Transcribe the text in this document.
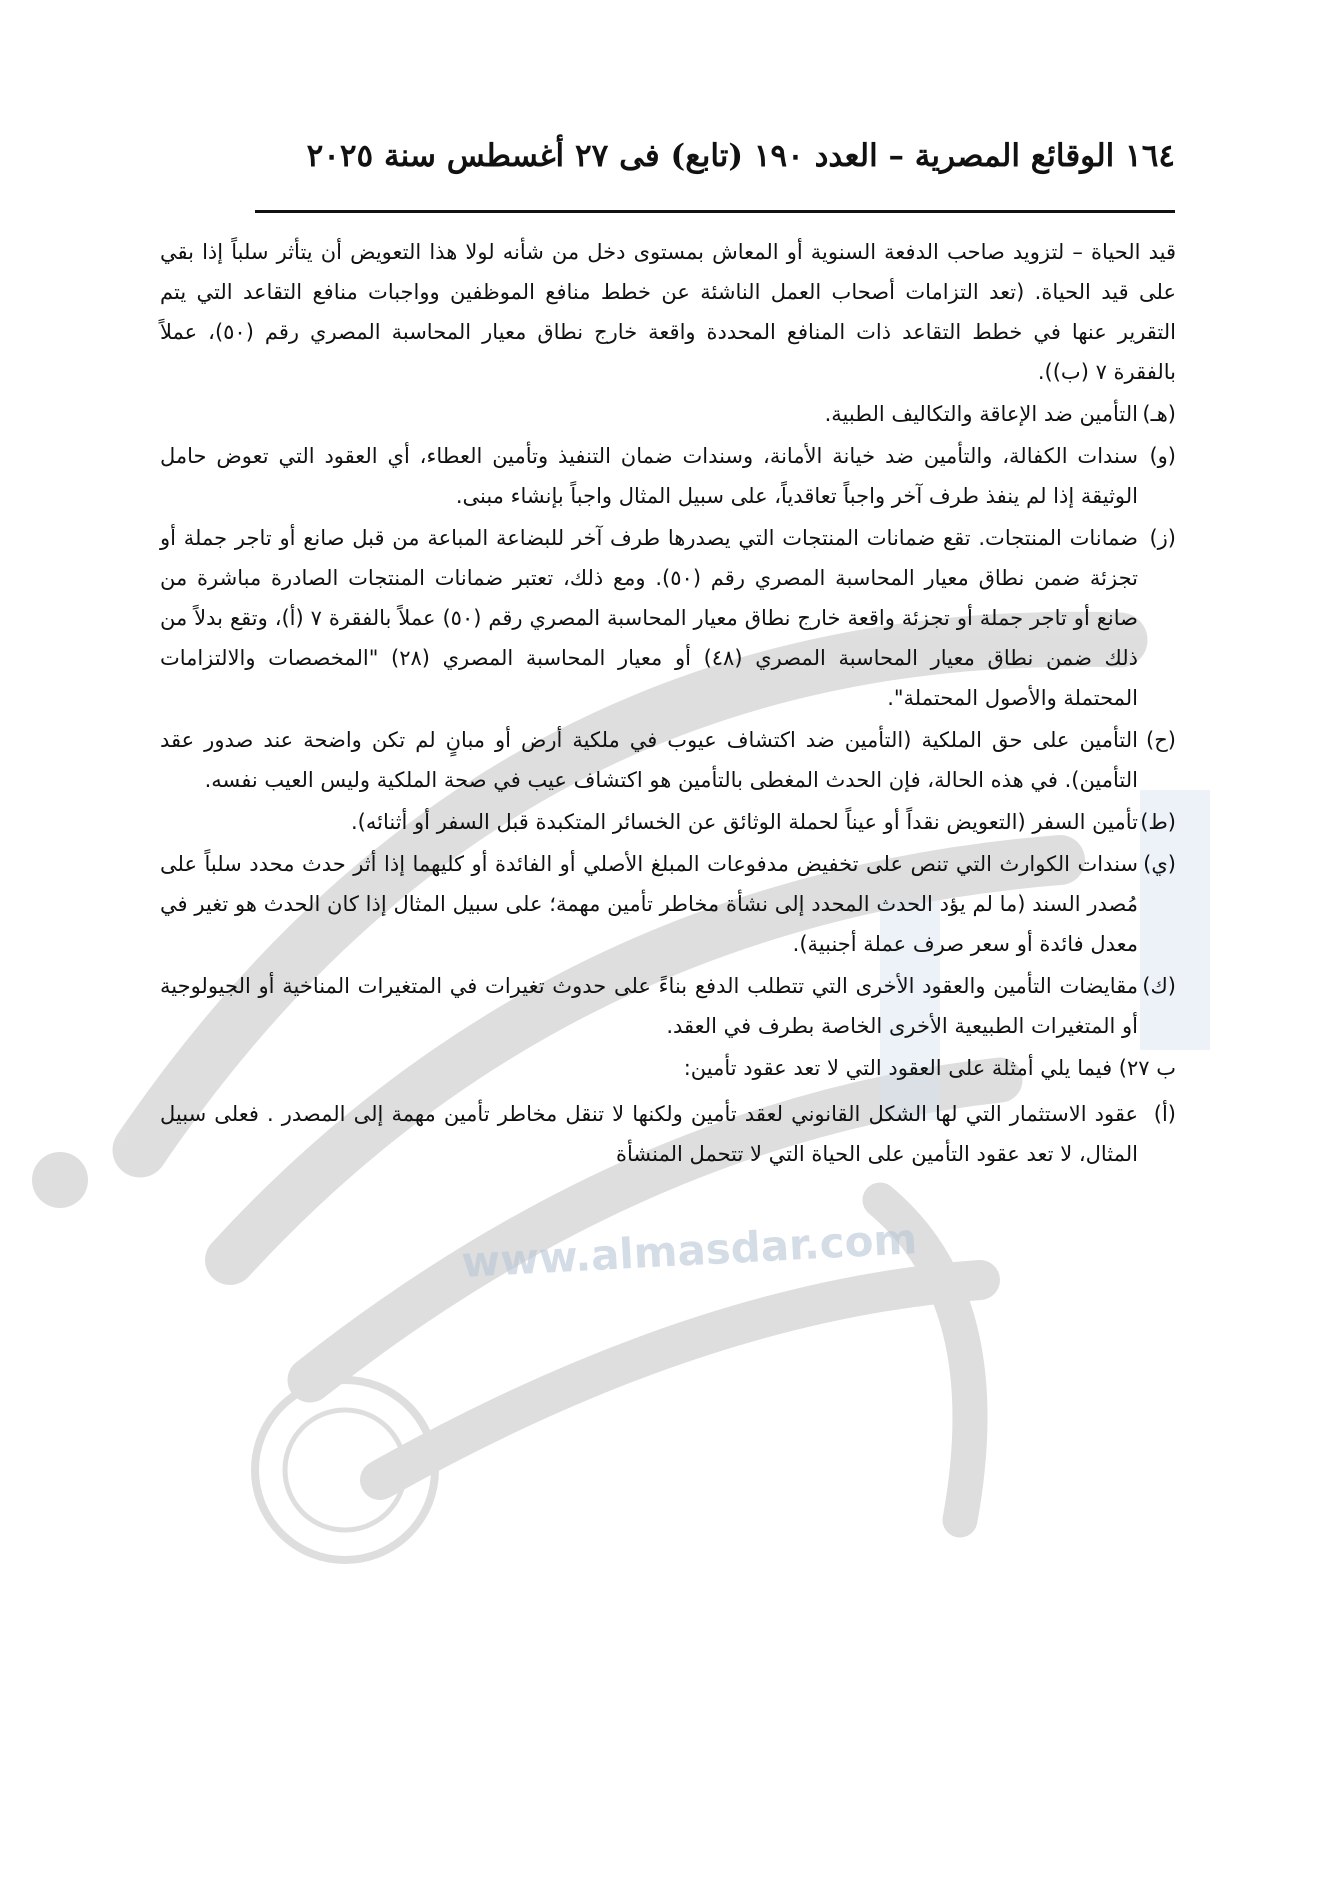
www.almasdar.com
١٦٤ الوقائع المصرية – العدد ١٩٠ (تابع) فى ٢٧ أغسطس سنة ٢٠٢٥

قيد الحياة – لتزويد صاحب الدفعة السنوية أو المعاش بمستوى دخل من شأنه لولا هذا التعويض أن يتأثر سلباً إذا بقي على قيد الحياة. (تعد التزامات أصحاب العمل الناشئة عن خطط منافع الموظفين وواجبات منافع التقاعد التي يتم التقرير عنها في خطط التقاعد ذات المنافع المحددة واقعة خارج نطاق معيار المحاسبة المصري رقم (٥٠)، عملاً بالفقرة ٧ (ب)).

(هـ)
التأمين ضد الإعاقة والتكاليف الطبية.
(و)
سندات الكفالة، والتأمين ضد خيانة الأمانة، وسندات ضمان التنفيذ وتأمين العطاء، أي العقود التي تعوض حامل الوثيقة إذا لم ينفذ طرف آخر واجباً تعاقدياً، على سبيل المثال واجباً بإنشاء مبنى.
(ز)
ضمانات المنتجات. تقع ضمانات المنتجات التي يصدرها طرف آخر للبضاعة المباعة من قبل صانع أو تاجر جملة أو تجزئة ضمن نطاق معيار المحاسبة المصري رقم (٥٠). ومع ذلك، تعتبر ضمانات المنتجات الصادرة مباشرة من صانع أو تاجر جملة أو تجزئة واقعة خارج نطاق معيار المحاسبة المصري رقم (٥٠) عملاً بالفقرة ٧ (أ)، وتقع بدلاً من ذلك ضمن نطاق معيار المحاسبة المصري (٤٨) أو معيار المحاسبة المصري (٢٨) "المخصصات والالتزامات المحتملة والأصول المحتملة".
(ح)
التأمين على حق الملكية (التأمين ضد اكتشاف عيوب في ملكية أرض أو مبانٍ لم تكن واضحة عند صدور عقد التأمين). في هذه الحالة، فإن الحدث المغطى بالتأمين هو اكتشاف عيب في صحة الملكية وليس العيب نفسه.
(ط)
تأمين السفر (التعويض نقداً أو عيناً لحملة الوثائق عن الخسائر المتكبدة قبل السفر أو أثنائه).
(ي)
سندات الكوارث التي تنص على تخفيض مدفوعات المبلغ الأصلي أو الفائدة أو كليهما إذا أثر حدث محدد سلباً على مُصدر السند (ما لم يؤد الحدث المحدد إلى نشأة مخاطر تأمين مهمة؛ على سبيل المثال إذا كان الحدث هو تغير في معدل فائدة أو سعر صرف عملة أجنبية).
(ك)
مقايضات التأمين والعقود الأخرى التي تتطلب الدفع بناءً على حدوث تغيرات في المتغيرات المناخية أو الجيولوجية أو المتغيرات الطبيعية الأخرى الخاصة بطرف في العقد.

ب ٢٧) فيما يلي أمثلة على العقود التي لا تعد عقود تأمين:

(أ)
عقود الاستثمار التي لها الشكل القانوني لعقد تأمين ولكنها لا تنقل مخاطر تأمين مهمة إلى المصدر . فعلى سبيل المثال، لا تعد عقود التأمين على الحياة التي لا تتحمل المنشأة
